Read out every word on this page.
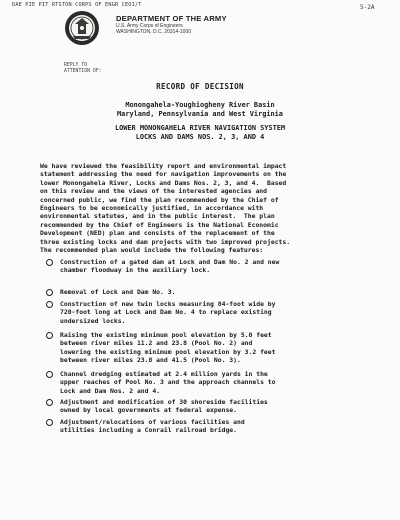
DAE PIE PIT RTSTON CORPS OF ENGR CEOI/T	5-2A
DEPARTMENT OF THE ARMY
U.S. Army Corps of Engineers
WASHINGTON, D.C. 20314-1000
REPLY TO
ATTENTION OF:
RECORD OF DECISION
Monongahela-Youghiogheny River Basin
Maryland, Pennsylvania and West Virginia
LOWER MONONGAHELA RIVER NAVIGATION SYSTEM
LOCKS AND DAMS NOS. 2, 3, AND 4
We have reviewed the feasibility report and environmental impact
statement addressing the need for navigation improvements on the
lower Monongahela River, Locks and Dams Nos. 2, 3, and 4.  Based
on this review and the views of the interested agencies and
concerned public, we find the plan recommended by the Chief of
Engineers to be economically justified, in accordance with
environmental statutes, and in the public interest.  The plan
recommended by the Chief of Engineers is the National Economic
Development (NED) plan and consists of the replacement of the
three existing locks and dam projects with two improved projects.
The recommended plan would include the following features:
Construction of a gated dam at Lock and Dam No. 2 and new
chamber floodway in the auxiliary lock.
Removal of Lock and Dam No. 3.
Construction of new twin locks measuring 84-foot wide by
720-foot long at Lock and Dam No. 4 to replace existing
undersized locks.
Raising the existing minimum pool elevation by 5.0 feet
between river miles 11.2 and 23.8 (Pool No. 2) and
lowering the existing minimum pool elevation by 3.2 feet
between river miles 23.8 and 41.5 (Pool No. 3).
Channel dredging estimated at 2.4 million yards in the
upper reaches of Pool No. 3 and the approach channels to
Lock and Dam Nos. 2 and 4.
Adjustment and modification of 30 shoreside facilities
owned by local governments at federal expense.
Adjustment/relocations of various facilities and
utilities including a Conrail railroad bridge.
